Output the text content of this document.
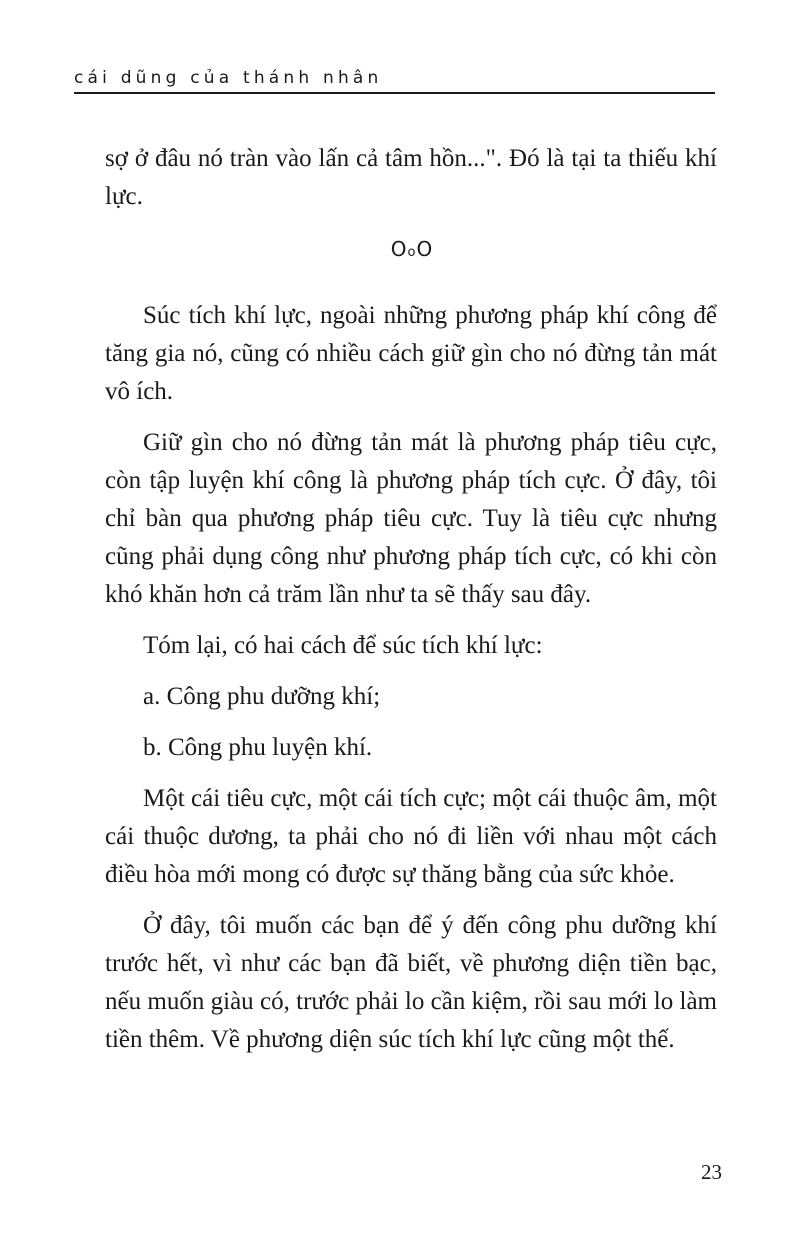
cái dũng của thánh nhân

sợ ở đâu nó tràn vào lấn cả tâm hồn...". Đó là tại ta thiếu khí lực.

OoO

Súc tích khí lực, ngoài những phương pháp khí công để tăng gia nó, cũng có nhiều cách giữ gìn cho nó đừng tản mát vô ích.

Giữ gìn cho nó đừng tản mát là phương pháp tiêu cực, còn tập luyện khí công là phương pháp tích cực. Ở đây, tôi chỉ bàn qua phương pháp tiêu cực. Tuy là tiêu cực nhưng cũng phải dụng công như phương pháp tích cực, có khi còn khó khăn hơn cả trăm lần như ta sẽ thấy sau đây.

Tóm lại, có hai cách để súc tích khí lực:

a. Công phu dưỡng khí;

b. Công phu luyện khí.

Một cái tiêu cực, một cái tích cực; một cái thuộc âm, một cái thuộc dương, ta phải cho nó đi liền với nhau một cách điều hòa mới mong có được sự thăng bằng của sức khỏe.

Ở đây, tôi muốn các bạn để ý đến công phu dưỡng khí trước hết, vì như các bạn đã biết, về phương diện tiền bạc, nếu muốn giàu có, trước phải lo cần kiệm, rồi sau mới lo làm tiền thêm. Về phương diện súc tích khí lực cũng một thế.

23
